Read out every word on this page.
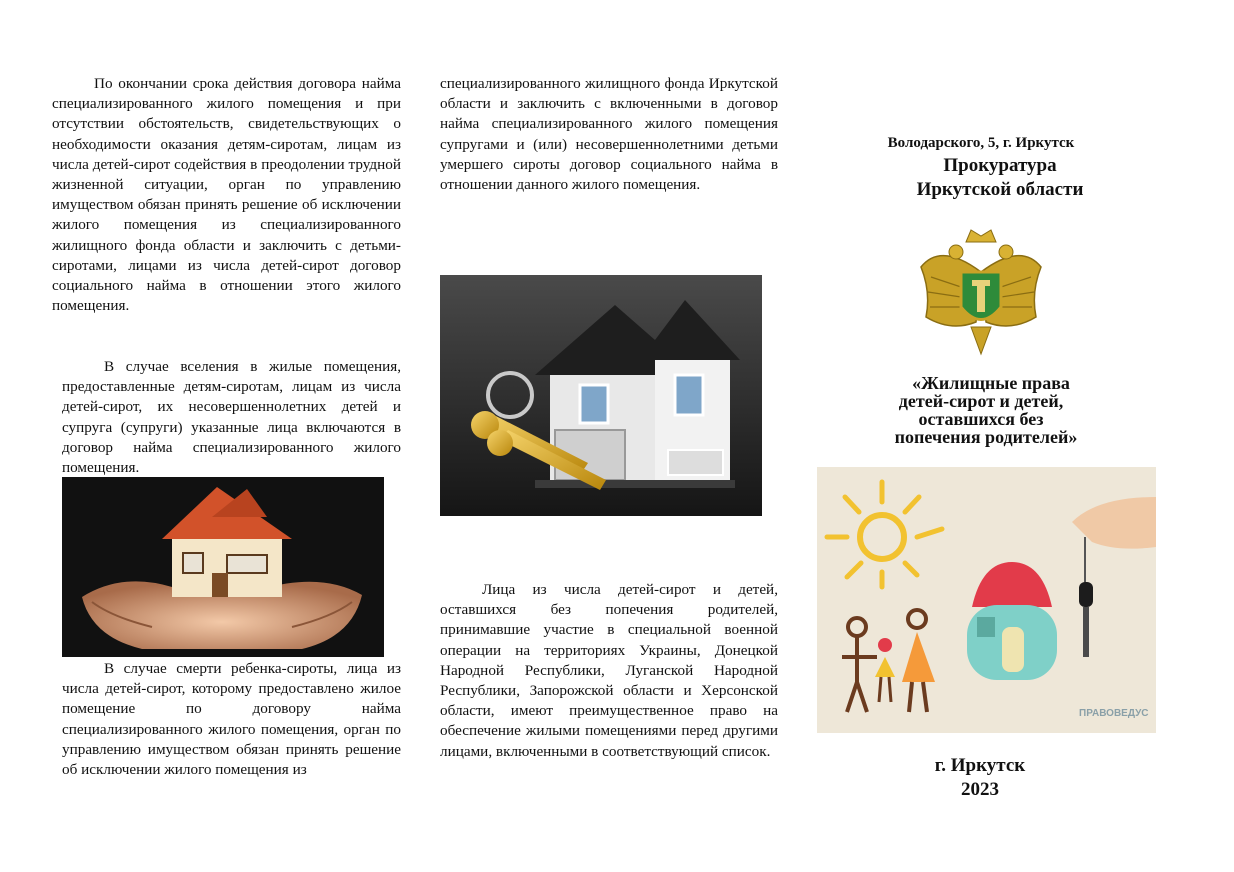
По окончании срока действия договора найма специализированного жилого помещения и при отсутствии обстоятельств, свидетельствующих о необходимости оказания детям-сиротам, лицам из числа детей-сирот содействия в преодолении трудной жизненной ситуации, орган по управлению имуществом обязан принять решение об исключении жилого помещения из специализированного жилищного фонда области и заключить с детьми-сиротами, лицами из числа детей-сирот договор социального найма в отношении этого жилого помещения.

В случае вселения в жилые помещения, предоставленные детям-сиротам, лицам из числа детей-сирот, их несовершеннолетних детей и супруга (супруги) указанные лица включаются в договор найма специализированного жилого помещения.

В случае смерти ребенка-сироты, лица из числа детей-сирот, которому предоставлено жилое помещение по договору найма специализированного жилого помещения, орган по управлению имуществом обязан принять решение об исключении жилого помещения из

специализированного жилищного фонда Иркутской области и заключить с включенными в договор найма специализированного жилого помещения супругами и (или) несовершеннолетними детьми умершего сироты договор социального найма в отношении данного жилого помещения.

Лица из числа детей-сирот и детей, оставшихся без попечения родителей, принимавшие участие в специальной военной операции на территориях Украины, Донецкой Народной Республики, Луганской Народной Республики, Запорожской области и Херсонской области, имеют преимущественное право на обеспечение жилыми помещениями перед другими лицами, включенными в соответствующий список.

Володарского, 5, г. Иркутск
Прокуратура
Иркутской области
«Жилищные права
детей-сирот и детей,
оставшихся без
попечения родителей»
ПРАВОВЕДУС
г. Иркутск
2023
